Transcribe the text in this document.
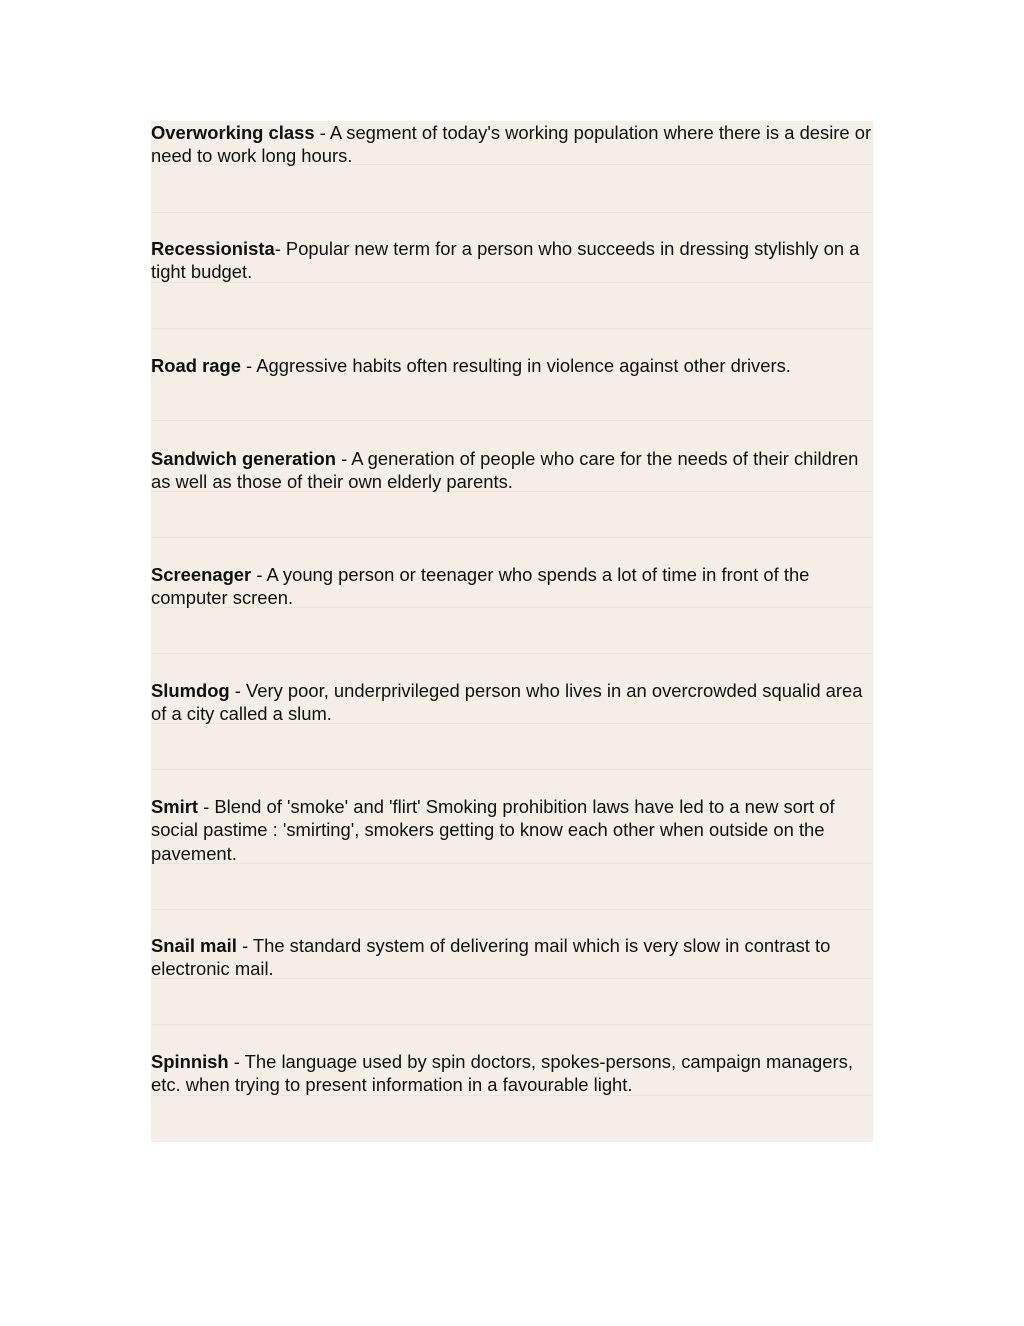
Overworking class - A segment of today's working population where there is a desire or need to work long hours.
Recessionista- Popular new term for a person who succeeds in dressing stylishly on a tight budget.
Road rage - Aggressive habits often resulting in violence against other drivers.
Sandwich generation - A generation of people who care for the needs of their children as well as those of their own elderly parents.
Screenager - A young person or teenager who spends a lot of time in front of the computer screen.
Slumdog - Very poor, underprivileged person who lives in an overcrowded squalid area of a city called a slum.
Smirt - Blend of 'smoke' and 'flirt' Smoking prohibition laws have led to a new sort of social pastime : 'smirting', smokers getting to know each other when outside on the pavement.
Snail mail - The standard system of delivering mail which is very slow in contrast to electronic mail.
Spinnish - The language used by spin doctors, spokes-persons, campaign managers, etc. when trying to present information in a favourable light.
